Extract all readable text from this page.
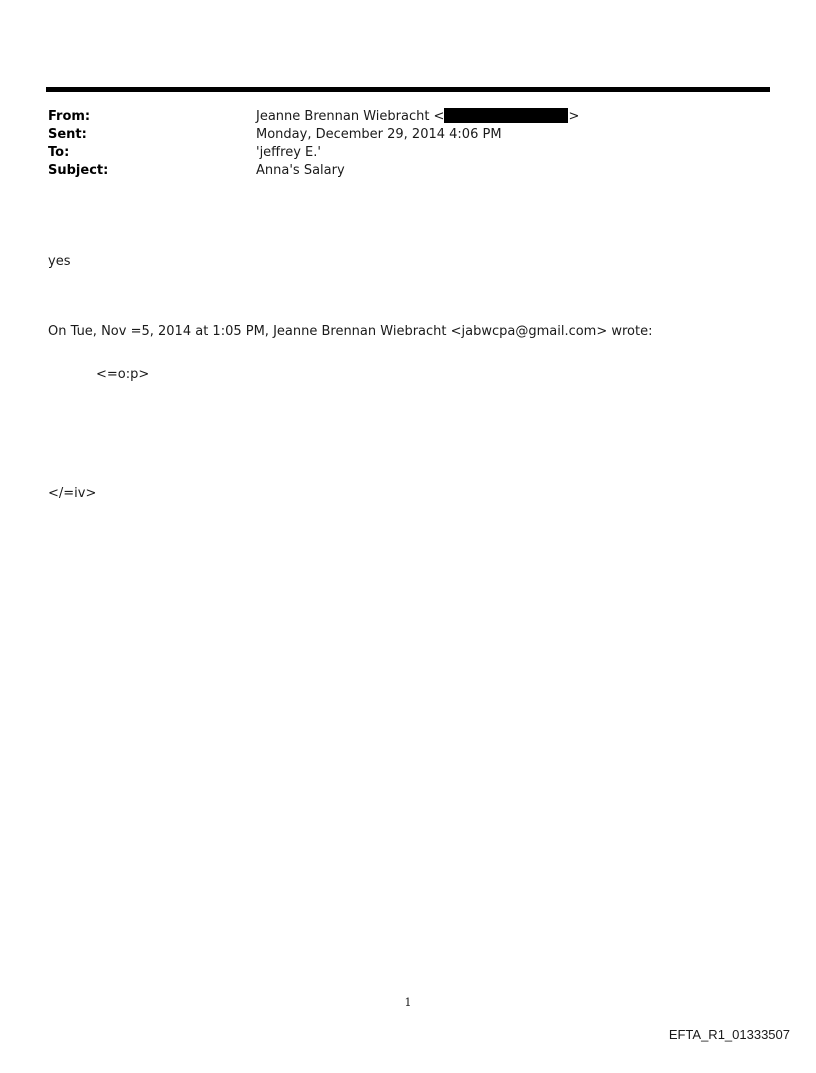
From:	Jeanne Brennan Wiebracht <	>
Sent:	Monday, December 29, 2014 4:06 PM
To:	'jeffrey E.'
Subject:	Anna's Salary
yes
On Tue, Nov =5, 2014 at 1:05 PM, Jeanne Brennan Wiebracht <jabwcpa@gmail.com> wrote:
<=o:p>
</=iv>
1
EFTA_R1_01333507
